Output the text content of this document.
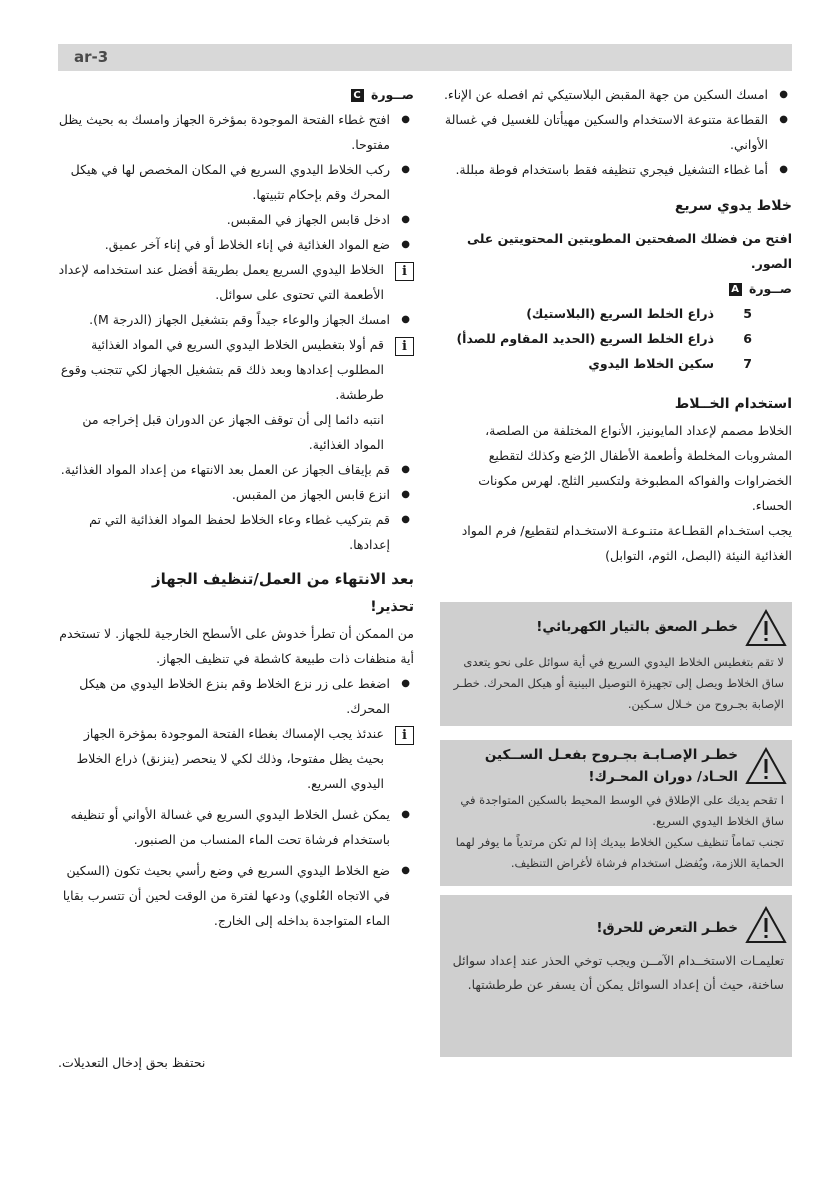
ar-3
●
امسك السكين من جهة المقبض البلاستيكي ثم افصله عن الإناء.
●
القطاعة متنوعة الاستخدام والسكين مهيأتان للغسيل في غسالة الأواني.
●
أما غطاء التشغيل فيجري تنظيفه فقط باستخدام فوطة مبللة.

خلاط يدوي سريع

افتح من فضلك الصفحتين المطويتين المحتويتين على الصور.

صــورة A

5
ذراع الخلط السريع (البلاستيك)
6
ذراع الخلط السريع (الحديد المقاوم للصدأ)
7
سكين الخلاط اليدوي

استخدام الخــلاط

الخلاط مصمم لإعداد المايونيز، الأنواع المختلفة من الصلصة، المشروبات المخلطة وأطعمة الأطفال الرُضع وكذلك لتقطيع الخضراوات والفواكه المطبوخة ولتكسير الثلج. لهرس مكونات الحساء.

يجب استخـدام القطـاعة متنـوعـة الاستخـدام لتقطيع/ فرم المواد الغذائية النيئة (البصل، الثوم، التوابل)

خطـر الصعق بالتيار الكهربائي!
لا تقم بتغطيس الخلاط اليدوي السريع في أية سوائل على نحو يتعدى ساق الخلاط ويصل إلى تجهيزة التوصيل البينية أو هيكل المحرك. خطـر الإصابة بجـروح من خـلال سـكين.
خطـر الإصـابـة بجـروح بفعـل الســكين
الحـاد/ دوران المحـرك!
ا تقحم يديك على الإطلاق في الوسط المحيط بالسكين المتواجدة في ساق الخلاط اليدوي السريع.
تجنب تماماً تنظيف سكين الخلاط بيديك إذا لم تكن مرتدياً ما يوفر لهما الحماية اللازمة، ويُفضل استخدام فرشاة لأغراض التنظيف.
خطـر التعرض للحرق!
تعليمـات الاستخــدام الآمــن ويجب توخي الحذر عند إعداد سوائل ساخنة، حيث أن إعداد السوائل يمكن أن يسفر عن طرطشتها.

صــورة C

●
افتح غطاء الفتحة الموجودة بمؤخرة الجهاز وامسك به بحيث يظل مفتوحا.
●
ركب الخلاط اليدوي السريع في المكان المخصص لها في هيكل المحرك وقم بإحكام تثبيتها.
●
ادخل قابس الجهاز في المقبس.
●
ضع المواد الغذائية في إناء الخلاط أو في إناء آخر عميق.
i
الخلاط اليدوي السريع يعمل بطريقة أفضل عند استخدامه لإعداد الأطعمة التي تحتوى على سوائل.
●
امسك الجهاز والوعاء جيداً وقم بتشغيل الجهاز (الدرجة M).
i
قم أولا بتغطيس الخلاط اليدوي السريع في المواد الغذائية المطلوب إعدادها وبعد ذلك قم بتشغيل الجهاز لكي تتجنب وقوع طرطشة.
انتبه دائما إلى أن توقف الجهاز عن الدوران قبل إخراجه من المواد الغذائية.
●
قم بإيقاف الجهاز عن العمل بعد الانتهاء من إعداد المواد الغذائية.
●
انزع قابس الجهاز من المقبس.
●
قم بتركيب غطاء وعاء الخلاط لحفظ المواد الغذائية التي تم إعدادها.

بعد الانتهاء من العمل/تنظيف الجهاز

تحذير!

من الممكن أن تطرأ خدوش على الأسطح الخارجية للجهاز. لا تستخدم أية منظفات ذات طبيعة كاشطة في تنظيف الجهاز.

●
اضغط على زر نزع الخلاط وقم بنزع الخلاط اليدوي من هيكل المحرك.
i
عندئذ يجب الإمساك بغطاء الفتحة الموجودة بمؤخرة الجهاز بحيث يظل مفتوحا، وذلك لكي لا ينحصر (ينزنق) ذراع الخلاط اليدوي السريع.
●
يمكن غسل الخلاط اليدوي السريع في غسالة الأواني أو تنظيفه باستخدام فرشاة تحت الماء المنساب من الصنبور.
●
ضع الخلاط اليدوي السريع في وضع رأسي بحيث تكون (السكين في الاتجاه العُلوي) ودعها لفترة من الوقت لحين أن تتسرب بقايا الماء المتواجدة بداخله إلى الخارج.
نحتفظ بحق إدخال التعديلات.
